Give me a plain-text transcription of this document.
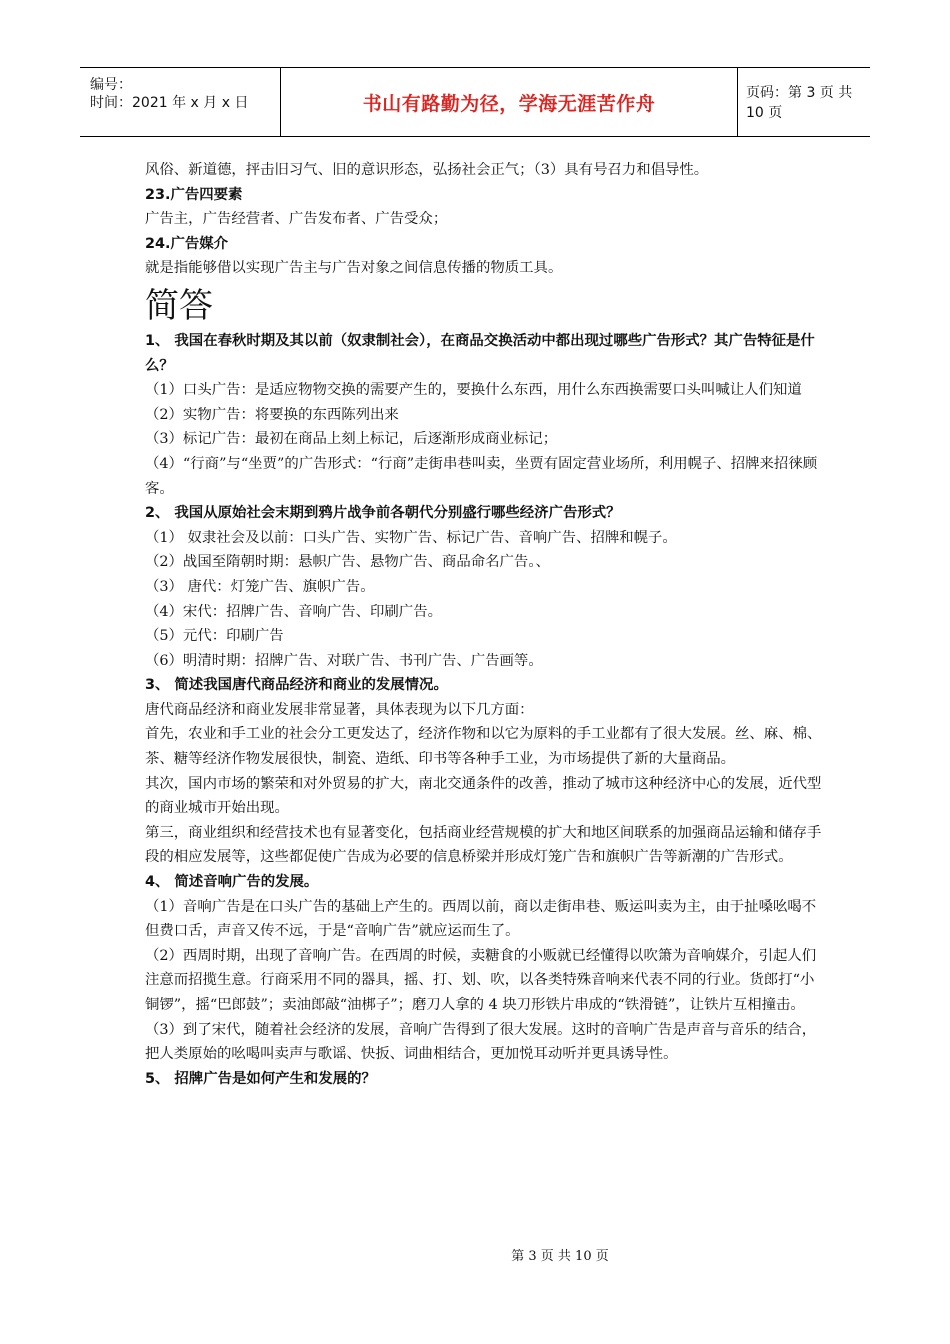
编号：
时间：2021 年 x 月 x 日	书山有路勤为径，学海无涯苦作舟	页码：第 3 页 共 10 页

风俗、新道德，抨击旧习气、旧的意识形态，弘扬社会正气；（3）具有号召力和倡导性。

23.广告四要素

广告主，广告经营者、广告发布者、广告受众；

24.广告媒介

就是指能够借以实现广告主与广告对象之间信息传播的物质工具。

简答

1、 我国在春秋时期及其以前（奴隶制社会），在商品交换活动中都出现过哪些广告形式？其广告特征是什么？

（1）口头广告：是适应物物交换的需要产生的，要换什么东西，用什么东西换需要口头叫喊让人们知道

（2）实物广告：将要换的东西陈列出来

（3）标记广告：最初在商品上刻上标记，后逐渐形成商业标记；

（4）“行商”与“坐贾”的广告形式：“行商”走街串巷叫卖，坐贾有固定营业场所，利用幌子、招牌来招徕顾客。

2、 我国从原始社会末期到鸦片战争前各朝代分别盛行哪些经济广告形式？

（1） 奴隶社会及以前：口头广告、实物广告、标记广告、音响广告、招牌和幌子。

（2）战国至隋朝时期：悬帜广告、悬物广告、商品命名广告。、

（3） 唐代：灯笼广告、旗帜广告。

（4）宋代：招牌广告、音响广告、印刷广告。

（5）元代：印刷广告

（6）明清时期：招牌广告、对联广告、书刊广告、广告画等。

3、 简述我国唐代商品经济和商业的发展情况。

唐代商品经济和商业发展非常显著，具体表现为以下几方面：

首先，农业和手工业的社会分工更发达了，经济作物和以它为原料的手工业都有了很大发展。丝、麻、棉、茶、糖等经济作物发展很快，制瓷、造纸、印书等各种手工业，为市场提供了新的大量商品。

其次，国内市场的繁荣和对外贸易的扩大，南北交通条件的改善，推动了城市这种经济中心的发展，近代型的商业城市开始出现。

第三，商业组织和经营技术也有显著变化，包括商业经营规模的扩大和地区间联系的加强商品运输和储存手段的相应发展等，这些都促使广告成为必要的信息桥梁并形成灯笼广告和旗帜广告等新潮的广告形式。

4、 简述音响广告的发展。

（1）音响广告是在口头广告的基础上产生的。西周以前，商以走街串巷、贩运叫卖为主，由于扯嗓吆喝不但费口舌，声音又传不远，于是“音响广告”就应运而生了。

（2）西周时期，出现了音响广告。在西周的时候，卖糖食的小贩就已经懂得以吹箫为音响媒介，引起人们注意而招揽生意。行商采用不同的器具，摇、打、划、吹，以各类特殊音响来代表不同的行业。货郎打“小铜锣”，摇“巴郎鼓”；卖油郎敲“油梆子”；磨刀人拿的 4 块刀形铁片串成的“铁滑链”，让铁片互相撞击。

（3）到了宋代，随着社会经济的发展，音响广告得到了很大发展。这时的音响广告是声音与音乐的结合，把人类原始的吆喝叫卖声与歌谣、快扳、词曲相结合，更加悦耳动听并更具诱导性。

5、 招牌广告是如何产生和发展的？

第 3 页 共 10 页
